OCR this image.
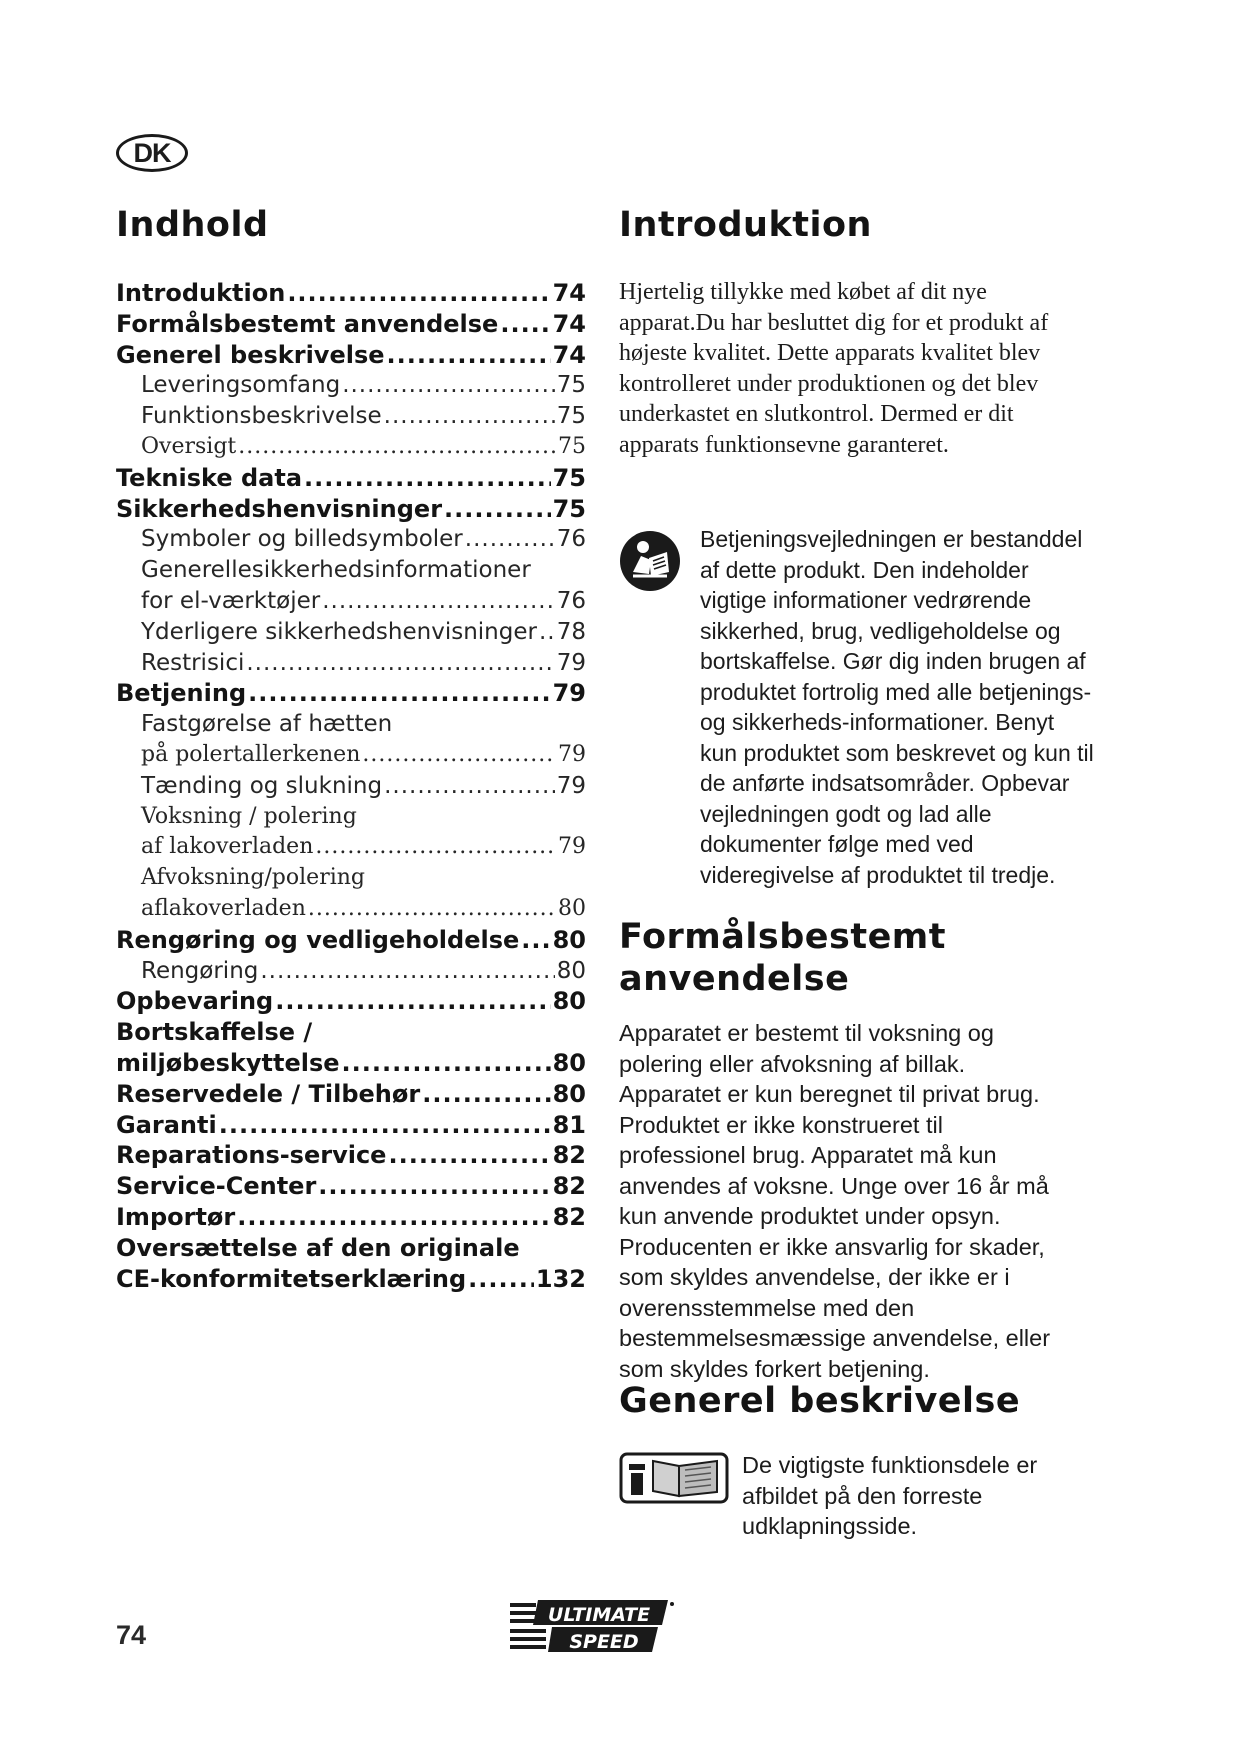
DK
Indhold
Introduktion .....	74
Formålsbestemt anvendelse ..... 74
Generel beskrivelse .....	74
Leveringsomfang .....	75
Funktionsbeskrivelse .....	75
Oversigt .....	75
Tekniske data .....	75
Sikkerhedshenvisninger .....	75
Symboler og billedsymboler .....	76
Generellesikkerhedsinformationer
for el-værktøjer .....	76
Yderligere sikkerhedshenvisninger ..... 78
Restrisici .....	79
Betjening .....	79
Fastgørelse af hætten
på polertallerkenen .....	79
Tænding og slukning .....	79
Voksning / polering
af lakoverladen .....	79
Afvoksning/polering
aflakoverladen .....	80
Rengøring og vedligeholdelse ..... 80
Rengøring .....	80
Opbevaring .....	80
Bortskaffelse /
miljøbeskyttelse .....	80
Reservedele / Tilbehør .....	80
Garanti .....	81
Reparations-service .....	82
Service-Center .....	82
Importør .....	82
Oversættelse af den originale
CE-konformitetserklæring .....	132
Introduktion

Hjertelig tillykke med købet af dit nye apparat.Du har besluttet dig for et produkt af højeste kvalitet. Dette apparats kvalitet blev kontrolleret under produktionen og det blev underkastet en slutkontrol. Dermed er dit apparats funktionsevne garanteret.

Betjeningsvejledningen er bestanddel af dette produkt. Den indeholder vigtige informationer vedrørende sikkerhed, brug, vedligeholdelse og bortskaffelse. Gør dig inden brugen af produktet fortrolig med alle betjenings- og sikkerheds-informationer. Benyt kun produktet som beskrevet og kun til de anførte indsatsområder. Opbevar vejledningen godt og lad alle dokumenter følge med ved videregivelse af produktet til tredje.

Formålsbestemt anvendelse

Apparatet er bestemt til voksning og polering eller afvoksning af billak. Apparatet er kun beregnet til privat brug. Produktet er ikke konstrueret til professionel brug. Apparatet må kun anvendes af voksne. Unge over 16 år må kun anvende produktet under opsyn. Producenten er ikke ansvarlig for skader, som skyldes anvendelse, der ikke er i overensstemmelse med den bestemmelsesmæssige anvendelse, eller som skyldes forkert betjening.

Generel beskrivelse

De vigtigste funktionsdele er afbildet på den forreste udklapningsside.

74
ULTIMATE
SPEED
